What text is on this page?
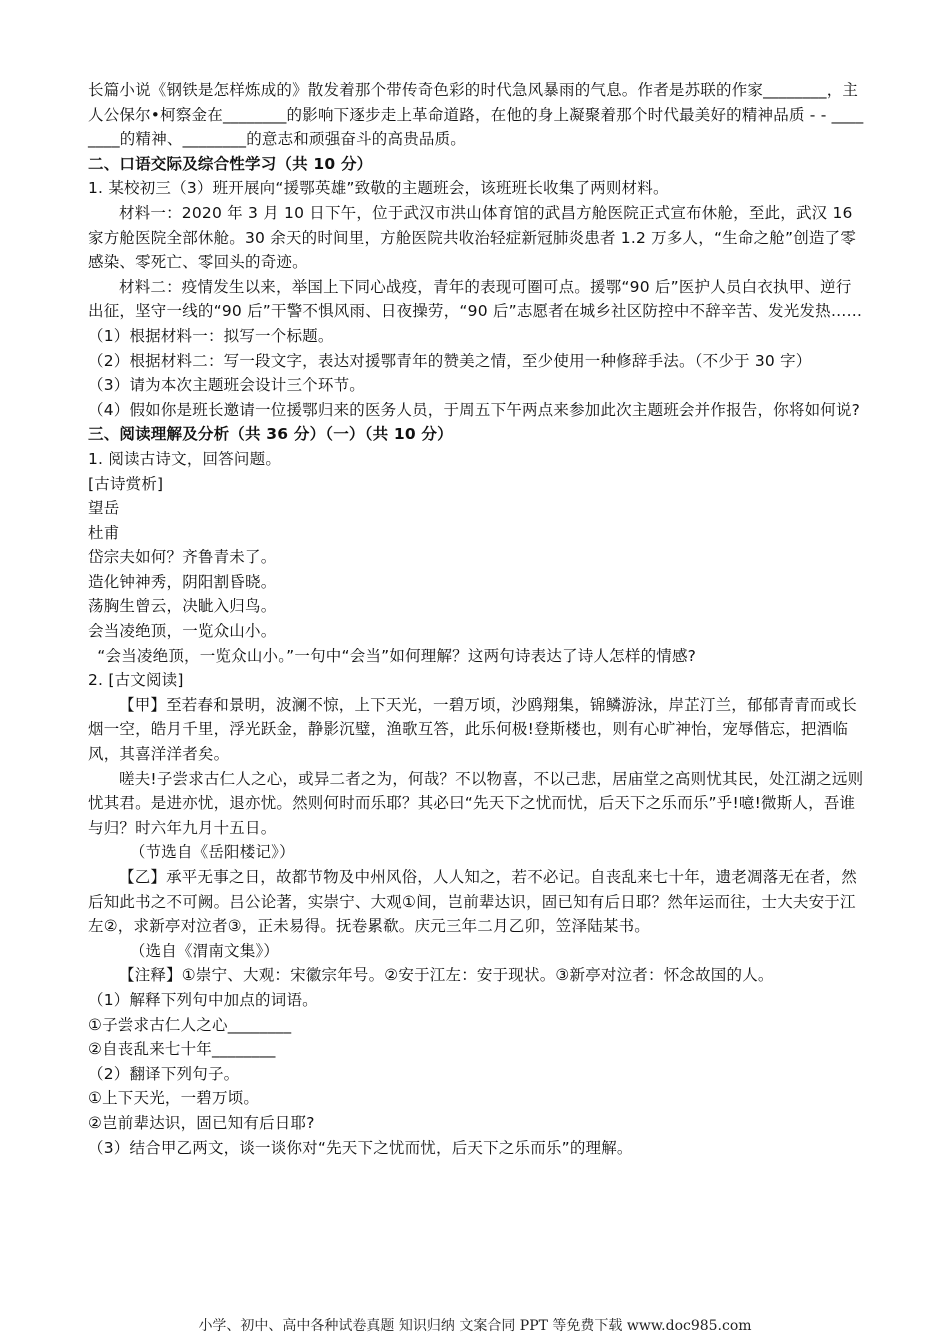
长篇小说《钢铁是怎样炼成的》散发着那个带传奇色彩的时代急风暴雨的气息。作者是苏联的作家________，主人公保尔•柯察金在________的影响下逐步走上革命道路，在他的身上凝聚着那个时代最美好的精神品质 - - ________的精神、________的意志和顽强奋斗的高贵品质。

二、口语交际及综合性学习（共 10 分）

1. 某校初三（3）班开展向“援鄂英雄”致敬的主题班会，该班班长收集了两则材料。

材料一：2020 年 3 月 10 日下午，位于武汉市洪山体育馆的武昌方舱医院正式宣布休舱，至此，武汉 16 家方舱医院全部休舱。30 余天的时间里，方舱医院共收治轻症新冠肺炎患者 1.2 万多人，“生命之舱”创造了零感染、零死亡、零回头的奇迹。

材料二：疫情发生以来，举国上下同心战疫，青年的表现可圈可点。援鄂“90 后”医护人员白衣执甲、逆行出征，坚守一线的“90 后”干警不惧风雨、日夜操劳，“90 后”志愿者在城乡社区防控中不辞辛苦、发光发热……

（1）根据材料一：拟写一个标题。

（2）根据材料二：写一段文字，表达对援鄂青年的赞美之情，至少使用一种修辞手法。（不少于 30 字）

（3）请为本次主题班会设计三个环节。

（4）假如你是班长邀请一位援鄂归来的医务人员，于周五下午两点来参加此次主题班会并作报告，你将如何说?

三、阅读理解及分析（共 36 分）（一）（共 10 分）

1. 阅读古诗文，回答问题。

[古诗赏析]

望岳

杜甫

岱宗夫如何？齐鲁青未了。

造化钟神秀，阴阳割昏晓。

荡胸生曾云，决眦入归鸟。

会当凌绝顶，一览众山小。

“会当凌绝顶，一览众山小。”一句中“会当”如何理解？这两句诗表达了诗人怎样的情感?

2. [古文阅读]

【甲】至若春和景明，波澜不惊，上下天光，一碧万顷，沙鸥翔集，锦鳞游泳，岸芷汀兰，郁郁青青而或长烟一空，皓月千里，浮光跃金，静影沉璧，渔歌互答，此乐何极!登斯楼也，则有心旷神怡，宠辱偕忘，把酒临风，其喜洋洋者矣。

嗟夫!子尝求古仁人之心，或异二者之为，何哉？不以物喜，不以己悲，居庙堂之高则忧其民，处江湖之远则忧其君。是进亦忧，退亦忧。然则何时而乐耶？其必曰“先天下之忧而忧，后天下之乐而乐”乎!噫!微斯人，吾谁与归？时六年九月十五日。

（节选自《岳阳楼记》）

【乙】承平无事之日，故都节物及中州风俗，人人知之，若不必记。自丧乱来七十年，遗老凋落无在者，然后知此书之不可阙。吕公论著，实崇宁、大观①间，岂前辈达识，固已知有后日耶？然年运而往，士大夫安于江左②，求新亭对泣者③，正未易得。抚卷累欷。庆元三年二月乙卯，笠泽陆某书。

（选自《渭南文集》）

【注释】①崇宁、大观：宋徽宗年号。②安于江左：安于现状。③新亭对泣者：怀念故国的人。

（1）解释下列句中加点的词语。

①子尝求古仁人之心________

②自丧乱来七十年________

（2）翻译下列句子。

①上下天光，一碧万顷。

②岂前辈达识，固已知有后日耶?

（3）结合甲乙两文，谈一谈你对“先天下之忧而忧，后天下之乐而乐”的理解。

小学、初中、高中各种试卷真题 知识归纳 文案合同 PPT 等免费下载 www.doc985.com
